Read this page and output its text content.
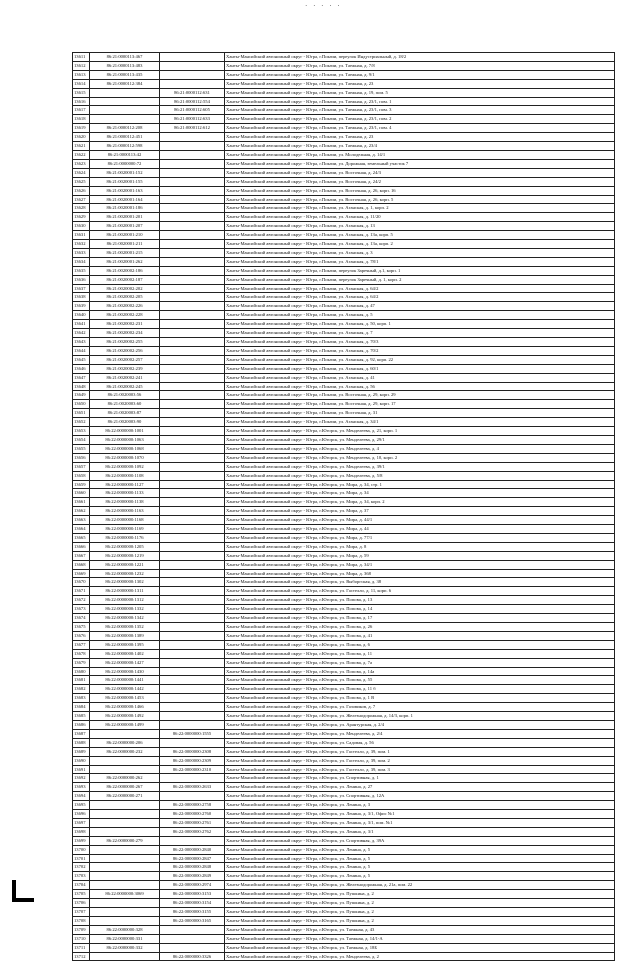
· · · · ·
13611	86:21:0000113:467		Ханты-Мансийский автономный округ - Югра, г.Покачи, переулок Индустриальный, д. 18/2
13612	86:21:0000113:483		Ханты-Мансийский автономный округ - Югра, г.Покачи, ул. Таежная, д. 7/8
13613	86:21:0000113:435		Ханты-Мансийский автономный округ - Югра, г.Покачи, ул. Таежная, д. 9/1
13614	86:21:0000112:384		Ханты-Мансийский автономный округ - Югра, г.Покачи, ул. Таежная, д. 23
13615		86:21:0000112:631	Ханты-Мансийский автономный округ - Югра, г.Покачи, ул. Таежная, д. 19, пом. 5
13616		86:21:0000112:554	Ханты-Мансийский автономный округ - Югра, г.Покачи, ул. Таежная, д. 23/1, пом. 1
13617		86:21:0000112:605	Ханты-Мансийский автономный округ - Югра, г.Покачи, ул. Таежная, д. 23/1, пом. 3
13618		86:21:0000112:633	Ханты-Мансийский автономный округ - Югра, г.Покачи, ул. Таежная, д. 23/1, пом. 2
13619	86:21:0000112:208	86:21:0000112:612	Ханты-Мансийский автономный округ - Югра, г.Покачи, ул. Таежная, д. 23/1, пом. 4
13620	86:21:0000112:451		Ханты-Мансийский автономный округ - Югра, г.Покачи, ул. Таежная, д. 23
13621	86:21:0000112:598		Ханты-Мансийский автономный округ - Югра, г.Покачи, ул. Таежная, д. 23/4
13622	86:21:0000113:42		Ханты-Мансийский автономный округ - Югра, г.Покачи, ул. Молодежная, д. 14/1
13623	86:21:0000000:72		Ханты-Мансийский автономный округ - Югра, г.Покачи, ул. Дорожная, земельный участок 7
13624	86:21:0020001:152		Ханты-Мансийский автономный округ - Югра, г.Покачи, ул. Восточная, д. 24/3
13625	86:21:0020001:155		Ханты-Мансийский автономный округ - Югра, г.Покачи, ул. Восточная, д. 24/2
13626	86:21:0020001:163		Ханты-Мансийский автономный округ - Югра, г.Покачи, ул. Восточная, д. 26, корп. 16
13627	86:21:0020001:164		Ханты-Мансийский автономный округ - Югра, г.Покачи, ул. Восточная, д. 26, корп. 5
13628	86:21:0020001:186		Ханты-Мансийский автономный округ - Югра, г.Покачи, ул. Аганская, д. 1, корп. 2
13629	86:21:0020001:201		Ханты-Мансийский автономный округ - Югра, г.Покачи, ул. Аганская, д. 11/20
13630	86:21:0020001:207		Ханты-Мансийский автономный округ - Югра, г.Покачи, ул. Аганская, д. 13
13631	86:21:0020001:210		Ханты-Мансийский автономный округ - Югра, г.Покачи, ул. Аганская, д. 13а, корп. 5
13632	86:21:0020001:211		Ханты-Мансийский автономный округ - Югра, г.Покачи, ул. Аганская, д. 13а, корп. 2
13633	86:21:0020001:215		Ханты-Мансийский автономный округ - Югра, г.Покачи, ул. Аганская, д. 3
13634	86:21:0020001:262		Ханты-Мансийский автономный округ - Югра, г.Покачи, ул. Аганская, д. 78/1
13635	86:21:0020002:186		Ханты-Мансийский автономный округ - Югра, г.Покачи, переулок Заречный, д.1, корп. 1
13636	86:21:0020002:187		Ханты-Мансийский автономный округ - Югра, г.Покачи, переулок Заречный, д. 1, корп. 2
13637	86:21:0020002:202		Ханты-Мансийский автономный округ - Югра, г.Покачи, ул. Аганская, д. 64/2
13638	86:21:0020002:205		Ханты-Мансийский автономный округ - Югра, г.Покачи, ул. Аганская, д. 64/2
13639	86:21:0020002:226		Ханты-Мансийский автономный округ - Югра, г.Покачи, ул. Аганская, д. 47
13640	86:21:0020002:228		Ханты-Мансийский автономный округ - Югра, г.Покачи, ул. Аганская, д. 5
13641	86:21:0020002:231		Ханты-Мансийский автономный округ - Югра, г.Покачи, ул. Аганская, д. 50, корп. 1
13642	86:21:0020002:234		Ханты-Мансийский автономный округ - Югра, г.Покачи, ул. Аганская, д. 7
13643	86:21:0020002:255		Ханты-Мансийский автономный округ - Югра, г.Покачи, ул. Аганская, д. 70/3
13644	86:21:0020002:256		Ханты-Мансийский автономный округ - Югра, г.Покачи, ул. Аганская, д. 70/2
13645	86:21:0020002:257		Ханты-Мансийский автономный округ - Югра, г.Покачи, ул. Аганская, д. 92, корп. 22
13646	86:21:0020002:239		Ханты-Мансийский автономный округ - Югра, г.Покачи, ул. Аганская, д. 60/1
13647	86:21:0020002:241		Ханты-Мансийский автономный округ - Югра, г.Покачи, ул. Аганская, д. 41
13648	86:21:0020002:245		Ханты-Мансийский автономный округ - Югра, г.Покачи, ул. Аганская, д. 56
13649	86:21:0020003:56		Ханты-Мансийский автономный округ - Югра, г.Покачи, ул. Восточная, д. 29, корп. 29
13650	86:21:0020003:60		Ханты-Мансийский автономный округ - Югра, г.Покачи, ул. Восточная, д. 29, корп. 17
13651	86:21:0020003:87		Ханты-Мансийский автономный округ - Югра, г.Покачи, ул. Восточная, д. 31
13652	86:21:0020003:90		Ханты-Мансийский автономный округ - Югра, г.Покачи, ул. Аганская, д. 34/1
13653	86:22:0000000:1001		Ханты-Мансийский автономный округ - Югра, г.Югорск, ул. Менделеева, д. 21, корп. 1
13654	86:22:0000000:1063		Ханты-Мансийский автономный округ - Югра, г.Югорск, ул. Менделеева, д. 29/1
13655	86:22:0000000:1068		Ханты-Мансийский автономный округ - Югра, г.Югорск, ул. Менделеева, д. 4
13656	86:22:0000000:1070		Ханты-Мансийский автономный округ - Югра, г.Югорск, ул. Менделеева, д. 10, корп. 2
13657	86:22:0000000:1092		Ханты-Мансийский автономный округ - Югра, г.Югорск, ул. Менделеева, д. 39/1
13658	86:22:0000000:1108		Ханты-Мансийский автономный округ - Югра, г.Югорск, ул. Менделеева, д. 5/8
13659	86:22:0000000:1127		Ханты-Мансийский автономный округ - Югра, г.Югорск, ул. Мира, д. 34, стр. 1
13660	86:22:0000000:1133		Ханты-Мансийский автономный округ - Югра, г.Югорск, ул. Мира, д. 34
13661	86:22:0000000:1138		Ханты-Мансийский автономный округ - Югра, г.Югорск, ул. Мира, д. 34, корп. 2
13662	86:22:0000000:1163		Ханты-Мансийский автономный округ - Югра, г.Югорск, ул. Мира, д. 37
13663	86:22:0000000:1168		Ханты-Мансийский автономный округ - Югра, г.Югорск, ул. Мира, д. 44/1
13664	86:22:0000000:1169		Ханты-Мансийский автономный округ - Югра, г.Югорск, ул. Мира, д. 44
13665	86:22:0000000:1176		Ханты-Мансийский автономный округ - Югра, г.Югорск, ул. Мира, д. 77/1
13666	86:22:0000000:1205		Ханты-Мансийский автономный округ - Югра, г.Югорск, ул. Мира, д. 8
13667	86:22:0000000:1219		Ханты-Мансийский автономный округ - Югра, г.Югорск, ул. Мира, д. 59
13668	86:22:0000000:1221		Ханты-Мансийский автономный округ - Югра, г.Югорск, ул. Мира, д. 34/1
13669	86:22:0000000:1232		Ханты-Мансийский автономный округ - Югра, г.Югорск, ул. Мира, д. 368
13670	86:22:0000000:1302		Ханты-Мансийский автономный округ - Югра, г.Югорск, ул. Выборгская, д. 38
13671	86:22:0000000:1311		Ханты-Мансийский автономный округ - Югра, г.Югорск, ул. Гастелло, д. 11, корп. 6
13672	86:22:0000000:1312		Ханты-Мансийский автономный округ - Югра, г.Югорск, ул. Попова, д. 13
13673	86:22:0000000:1332		Ханты-Мансийский автономный округ - Югра, г.Югорск, ул. Попова, д. 14
13674	86:22:0000000:1342		Ханты-Мансийский автономный округ - Югра, г.Югорск, ул. Попова, д. 17
13675	86:22:0000000:1352		Ханты-Мансийский автономный округ - Югра, г.Югорск, ул. Попова, д. 26
13676	86:22:0000000:1389		Ханты-Мансийский автономный округ - Югра, г.Югорск, ул. Попова, д. 41
13677	86:22:0000000:1395		Ханты-Мансийский автономный округ - Югра, г.Югорск, ул. Попова, д. 6
13678	86:22:0000000:1402		Ханты-Мансийский автономный округ - Югра, г.Югорск, ул. Попова, д. 11
13679	86:22:0000000:1427		Ханты-Мансийский автономный округ - Югра, г.Югорск, ул. Попова, д. 7а
13680	86:22:0000000:1430		Ханты-Мансийский автономный округ - Югра, г.Югорск, ул. Попова, д. 14а
13681	86:22:0000000:1441		Ханты-Мансийский автономный округ - Югра, г.Югорск, ул. Попова, д. 55
13682	86:22:0000000:1442		Ханты-Мансийский автономный округ - Югра, г.Югорск, ул. Попова, д. 11 б
13683	86:22:0000000:1453		Ханты-Мансийский автономный округ - Югра, г.Югорск, ул. Попова, д. 1 В
13684	86:22:0000000:1466		Ханты-Мансийский автономный округ - Югра, г.Югорск, ул. Газовиков, д. 7
13685	86:22:0000000:1492		Ханты-Мансийский автономный округ - Югра, г.Югорск, ул. Железнодорожная, д. 14/3, корп. 1
13686	86:22:0000000:1499		Ханты-Мансийский автономный округ - Югра, г.Югорск, ул. Арантурская, д. 2/4
13687		86:22:0000000:1555	Ханты-Мансийский автономный округ - Югра, г.Югорск, ул. Менделеева, д. 2/4
13688	86:22:0000000:206		Ханты-Мансийский автономный округ - Югра, г.Югорск, ул. Садовая, д. 56
13689	86:22:0000000:232	86:22:0000000:2308	Ханты-Мансийский автономный округ - Югра, г.Югорск, ул. Гастелло, д. 39, пом. 1
13690		86:22:0000000:2309	Ханты-Мансийский автономный округ - Югра, г.Югорск, ул. Гастелло, д. 39, пом. 2
13691		86:22:0000000:2310	Ханты-Мансийский автономный округ - Югра, г.Югорск, ул. Гастелло, д. 39, пом. 3
13692	86:22:0000000:262		Ханты-Мансийский автономный округ - Югра, г.Югорск, ул. Спортивная, д. 1
13693	86:22:0000000:267	86:22:0000000:2633	Ханты-Мансийский автономный округ - Югра, г.Югорск, ул. Ленина, д. 27
13694	86:22:0000000:271		Ханты-Мансийский автономный округ - Югра, г.Югорск, ул. Спортивная, д. 12А
13695		86:22:0000000:2758	Ханты-Мансийский автономный округ - Югра, г.Югорск, ул. Ленина, д. 3
13696		86:22:0000000:2760	Ханты-Мансийский автономный округ - Югра, г.Югорск, ул. Ленина, д. 3/1, Офис №1
13697		86:22:0000000:2761	Ханты-Мансийский автономный округ - Югра, г.Югорск, ул. Ленина, д. 3/1, пом. №1
13698		86:22:0000000:2762	Ханты-Мансийский автономный округ - Югра, г.Югорск, ул. Ленина, д. 3/1
13699	86:22:0000000:279		Ханты-Мансийский автономный округ - Югра, г.Югорск, ул. Спортивная, д. 39А
13700		86:22:0000000:2840	Ханты-Мансийский автономный округ - Югра, г.Югорск, ул. Ленина, д. 5
13701		86:22:0000000:2847	Ханты-Мансийский автономный округ - Югра, г.Югорск, ул. Ленина, д. 5
13702		86:22:0000000:2848	Ханты-Мансийский автономный округ - Югра, г.Югорск, ул. Ленина, д. 5
13703		86:22:0000000:2849	Ханты-Мансийский автономный округ - Югра, г.Югорск, ул. Ленина, д. 5
13704		86:22:0000000:2974	Ханты-Мансийский автономный округ - Югра, г.Югорск, ул. Железнодорожная, д. 21а, пом. 22
13705	86:22:0000000:3069	86:22:0000000:3153	Ханты-Мансийский автономный округ - Югра, г.Югорск, ул. Пушкина, д. 2
13706		86:22:0000000:3154	Ханты-Мансийский автономный округ - Югра, г.Югорск, ул. Пушкина, д. 2
13707		86:22:0000000:3155	Ханты-Мансийский автономный округ - Югра, г.Югорск, ул. Пушкина, д. 2
13708		86:22:0000000:3165	Ханты-Мансийский автономный округ - Югра, г.Югорск, ул. Пушкина, д. 2
13709	86:22:0000000:328		Ханты-Мансийский автономный округ - Югра, г.Югорск, ул. Таежная, д. 43
13710	86:22:0000000:331		Ханты-Мансийский автономный округ - Югра, г.Югорск, ул. Таежная, д. 14/1-А
13711	86:22:0000000:332		Ханты-Мансийский автономный округ - Югра, г.Югорск, ул. Таежная, д. 18Б
13712		86:22:0000000:3326	Ханты-Мансийский автономный округ - Югра, г.Югорск, ул. Менделеева, д. 2
